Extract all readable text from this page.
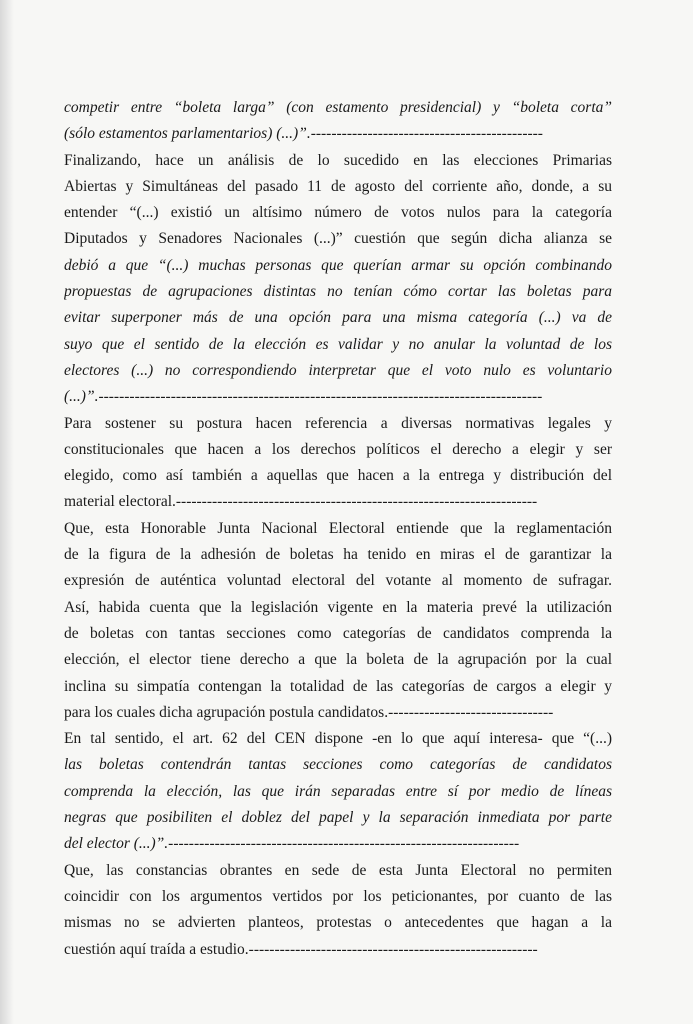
competir entre “boleta larga” (con estamento presidencial) y “boleta corta”
(sólo estamentos parlamentarios) (...)”.---------------------------------------------
Finalizando, hace un análisis de lo sucedido en las elecciones Primarias
Abiertas y Simultáneas del pasado 11 de agosto del corriente año, donde, a su
entender “(...) existió un altísimo número de votos nulos para la categoría
Diputados y Senadores Nacionales (...)” cuestión que según dicha alianza se
debió a que “(...) muchas personas que querían armar su opción combinando
propuestas de agrupaciones distintas no tenían cómo cortar las boletas para
evitar superponer más de una opción para una misma categoría (...) va de
suyo que el sentido de la elección es validar y no anular la voluntad de los
electores (...) no correspondiendo interpretar que el voto nulo es voluntario
(...)”.--------------------------------------------------------------------------------------
Para sostener su postura hacen referencia a diversas normativas legales y
constitucionales que hacen a los derechos políticos el derecho a elegir y ser
elegido, como así también a aquellas que hacen a la entrega y distribución del
material electoral.----------------------------------------------------------------------
Que, esta Honorable Junta Nacional Electoral entiende que la reglamentación
de la figura de la adhesión de boletas ha tenido en miras el de garantizar la
expresión de auténtica voluntad electoral del votante al momento de sufragar.
Así, habida cuenta que la legislación vigente en la materia prevé la utilización
de boletas con tantas secciones como categorías de candidatos comprenda la
elección, el elector tiene derecho a que la boleta de la agrupación por la cual
inclina su simpatía contengan la totalidad de las categorías de cargos a elegir y
para los cuales dicha agrupación postula candidatos.--------------------------------
En tal sentido, el art. 62 del CEN dispone -en lo que aquí interesa- que “(...)
las boletas contendrán tantas secciones como categorías de candidatos
comprenda la elección, las que irán separadas entre sí por medio de líneas
negras que posibiliten el doblez del papel y la separación inmediata por parte
del elector (...)”.--------------------------------------------------------------------
Que, las constancias obrantes en sede de esta Junta Electoral no permiten
coincidir con los argumentos vertidos por los peticionantes, por cuanto de las
mismas no se advierten planteos, protestas o antecedentes que hagan a la
cuestión aquí traída a estudio.--------------------------------------------------------
